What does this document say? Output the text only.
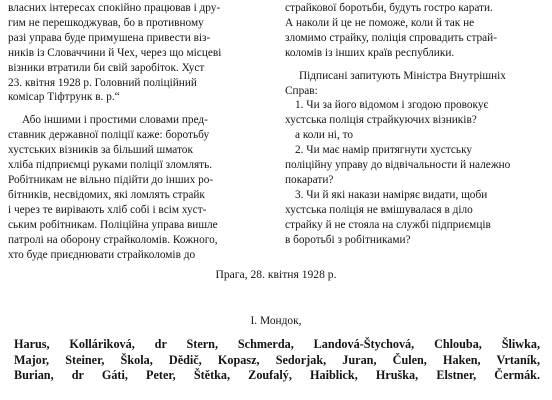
власних інтересах спокійно працював і дру-
гим не перешкоджував, бо в противному
разі управа буде примушена привести віз-
ників із Словаччини й Чех, через що місцеві
візники втратили би свій заробіток. Хуст
23. квітня 1928 р. Головний поліційний
комісар Тіфтрунк в. р.“
Або іншими і простими словами пред-
ставник державної поліції каже: боротьбу
хустських візників за більший шматок
хліба підприємці руками поліції зломлять.
Робітникам не вільно підійти до інших ро-
бітників, несвідомих, які ломлять страйк
і через те вирівають хліб собі і всім хуст-
ським робітникам. Поліційна управа вишле
патролі на оборону страйколомів. Кожного,
хто буде приєднювати страйколомів до
страйкової боротьби, будуть гостро карати.
А наколи й це не поможе, коли й так не
зломимо страйку, поліція спровадить страй-
коломів із інших країв республики.
Підписані запитують Міністра Внутрішніх
Справ:
1. Чи за його відомом і згодою провокує
хустська поліція страйкуючих візників?
а коли ні, то
2. Чи має намір притягнути хустську
поліційну управу до відвічальности й належно
покарати?
3. Чи й які накази наміряє видати, щоби
хустська поліція не вмішувалася в діло
страйку й не стояла на службі підприємців
в боротьбі з робітниками?
Прага, 28. квітня 1928 р.
І. Мондок,
Harus, Kolláriková, dr Stern, Schmerda, Landová-Štychová, Chlouba, Šliwka,
Major, Steiner, Škola, Dědič, Kopasz, Sedorjak, Juran, Čulen, Haken, Vrtaník,
Burian, dr Gáti, Peter, Štětka, Zoufalý, Haiblick, Hruška, Elstner, Čermák.
